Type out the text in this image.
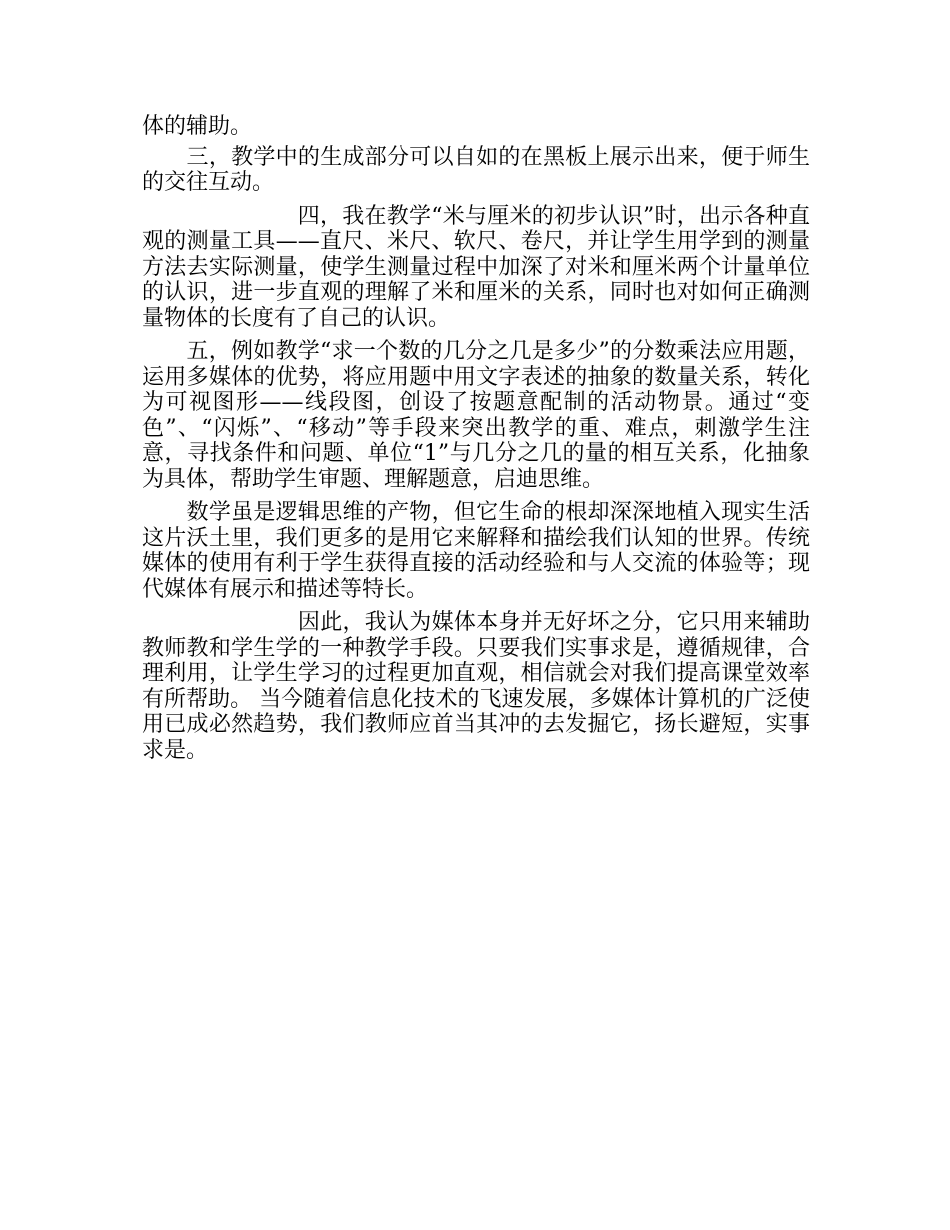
体的辅助。

　　三，教学中的生成部分可以自如的在黑板上展示出来，便于师生的交往互动。

　　　　　　　四，我在教学“米与厘米的初步认识”时，出示各种直观的测量工具——直尺、米尺、软尺、卷尺，并让学生用学到的测量方法去实际测量，使学生测量过程中加深了对米和厘米两个计量单位的认识，进一步直观的理解了米和厘米的关系，同时也对如何正确测量物体的长度有了自己的认识。

　　五，例如教学“求一个数的几分之几是多少”的分数乘法应用题，运用多媒体的优势，将应用题中用文字表述的抽象的数量关系，转化为可视图形——线段图，创设了按题意配制的活动物景。通过“变色”、“闪烁”、“移动”等手段来突出教学的重、难点，刺激学生注意，寻找条件和问题、单位“1”与几分之几的量的相互关系，化抽象为具体，帮助学生审题、理解题意，启迪思维。

　　数学虽是逻辑思维的产物，但它生命的根却深深地植入现实生活这片沃土里，我们更多的是用它来解释和描绘我们认知的世界。传统媒体的使用有利于学生获得直接的活动经验和与人交流的体验等；现代媒体有展示和描述等特长。

　　　　　　　因此，我认为媒体本身并无好坏之分，它只用来辅助教师教和学生学的一种教学手段。只要我们实事求是，遵循规律，合理利用，让学生学习的过程更加直观，相信就会对我们提高课堂效率有所帮助。 当今随着信息化技术的飞速发展，多媒体计算机的广泛使用已成必然趋势，我们教师应首当其冲的去发掘它，扬长避短，实事求是。
